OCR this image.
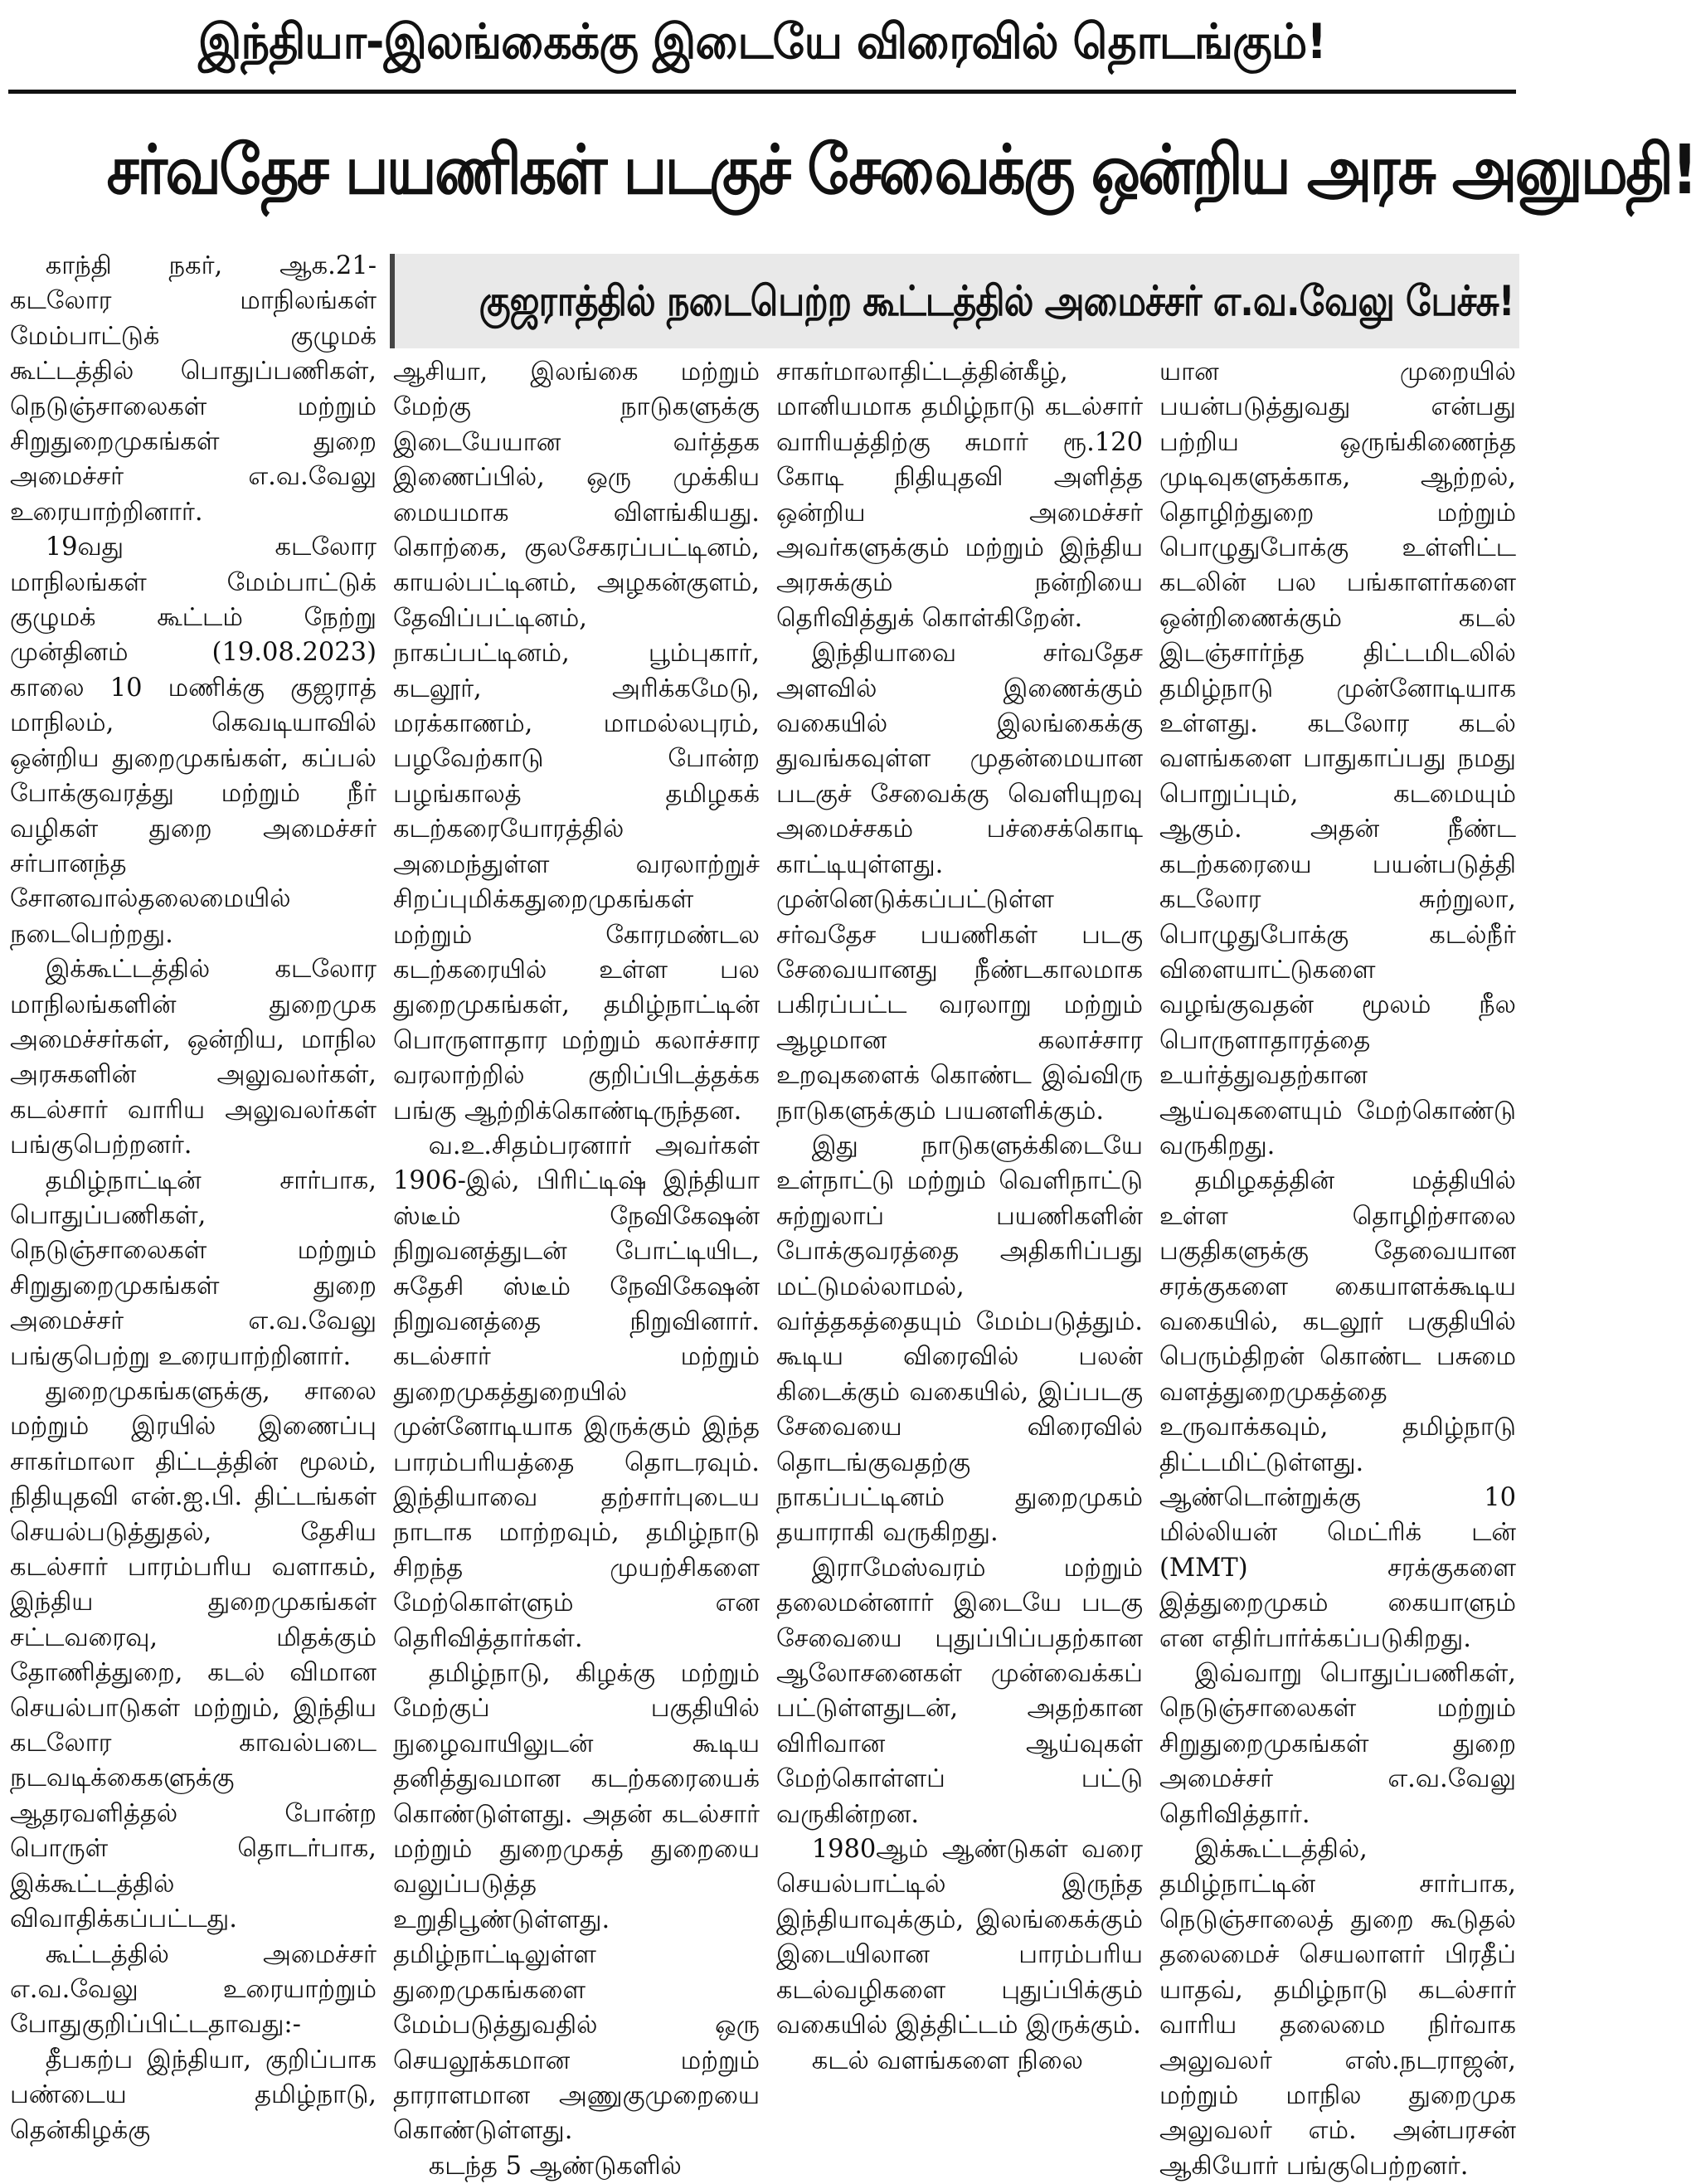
இந்தியா-இலங்கைக்கு இடையே விரைவில் தொடங்கும்!
சர்வதேச பயணிகள் படகுச் சேவைக்கு ஒன்றிய அரசு அனுமதி!
குஜராத்தில் நடைபெற்ற கூட்டத்தில் அமைச்சர் எ.வ.வேலு பேச்சு!

காந்தி நகர், ஆக.21- கடலோர மாநிலங்கள் மேம்பாட்டுக் குழுமக் கூட்டத்தில் பொதுப்பணிகள், நெடுஞ்சாலைகள் மற்றும் சிறுதுறைமுகங்கள் துறை அமைச்சர் எ.வ.வேலு உரையாற்றினார்.

19வது கடலோர மாநிலங்கள் மேம்பாட்டுக் குழுமக் கூட்டம் நேற்று முன்தினம் (19.08.2023) காலை 10 மணிக்கு குஜராத் மாநிலம், கெவடியாவில் ஒன்றிய துறைமுகங்கள், கப்பல் போக்குவரத்து மற்றும் நீர் வழிகள் துறை அமைச்சர் சர்பானந்த சோனவால்தலைமையில் நடைபெற்றது.

இக்கூட்டத்தில் கடலோர மாநிலங்களின் துறைமுக அமைச்சர்கள், ஒன்றிய, மாநில அரசுகளின் அலுவலர்கள், கடல்சார் வாரிய அலுவலர்கள் பங்குபெற்றனர்.

தமிழ்நாட்டின் சார்பாக, பொதுப்பணிகள், நெடுஞ்சாலைகள் மற்றும் சிறுதுறைமுகங்கள் துறை அமைச்சர் எ.வ.வேலு பங்குபெற்று உரையாற்றினார்.

துறைமுகங்களுக்கு, சாலை மற்றும் இரயில் இணைப்பு சாகர்மாலா திட்டத்தின் மூலம், நிதியுதவி என்.ஐ.பி. திட்டங்கள் செயல்படுத்துதல், தேசிய கடல்சார் பாரம்பரிய வளாகம், இந்திய துறைமுகங்கள் சட்டவரைவு, மிதக்கும் தோணித்துறை, கடல் விமான செயல்பாடுகள் மற்றும், இந்திய கடலோர காவல்படை நடவடிக்கைகளுக்கு ஆதரவளித்தல் போன்ற பொருள் தொடர்பாக, இக்கூட்டத்தில் விவாதிக்கப்பட்டது.

கூட்டத்தில் அமைச்சர் எ.வ.வேலு உரையாற்றும் போதுகுறிப்பிட்டதாவது:-

தீபகற்ப இந்தியா, குறிப்பாக பண்டைய தமிழ்நாடு, தென்கிழக்கு

ஆசியா, இலங்கை மற்றும் மேற்கு நாடுகளுக்கு இடையேயான வர்த்தக இணைப்பில், ஒரு முக்கிய மையமாக விளங்கியது. கொற்கை, குலசேகரப்பட்டினம், காயல்பட்டினம், அழகன்குளம், தேவிப்பட்டினம், நாகப்பட்டினம், பூம்புகார், கடலூர், அரிக்கமேடு, மரக்காணம், மாமல்லபுரம், பழவேற்காடு போன்ற பழங்காலத் தமிழகக் கடற்கரையோரத்தில் அமைந்துள்ள வரலாற்றுச் சிறப்புமிக்கதுறைமுகங்கள் மற்றும் கோரமண்டல கடற்கரையில் உள்ள பல துறைமுகங்கள், தமிழ்நாட்டின் பொருளாதார மற்றும் கலாச்சார வரலாற்றில் குறிப்பிடத்தக்க பங்கு ஆற்றிக்கொண்டிருந்தன.

வ.உ.சிதம்பரனார் அவர்கள் 1906-இல், பிரிட்டிஷ் இந்தியா ஸ்டீம் நேவிகேஷன் நிறுவனத்துடன் போட்டியிட, சுதேசி ஸ்டீம் நேவிகேஷன் நிறுவனத்தை நிறுவினார். கடல்சார் மற்றும் துறைமுகத்துறையில் முன்னோடியாக இருக்கும் இந்த பாரம்பரியத்தை தொடரவும். இந்தியாவை தற்சார்புடைய நாடாக மாற்றவும், தமிழ்நாடு சிறந்த முயற்சிகளை மேற்கொள்ளும் என தெரிவித்தார்கள்.

தமிழ்நாடு, கிழக்கு மற்றும் மேற்குப் பகுதியில் நுழைவாயிலுடன் கூடிய தனித்துவமான கடற்கரையைக் கொண்டுள்ளது. அதன் கடல்சார் மற்றும் துறைமுகத் துறையை வலுப்படுத்த உறுதிபூண்டுள்ளது. தமிழ்நாட்டிலுள்ள துறைமுகங்களை மேம்படுத்துவதில் ஒரு செயலூக்கமான மற்றும் தாராளமான அணுகுமுறையை கொண்டுள்ளது.

கடந்த 5 ஆண்டுகளில்

சாகர்மாலாதிட்டத்தின்கீழ், மானியமாக தமிழ்நாடு கடல்சார் வாரியத்திற்கு சுமார் ரூ.120 கோடி நிதியுதவி அளித்த ஒன்றிய அமைச்சர் அவர்களுக்கும் மற்றும் இந்திய அரசுக்கும் நன்றியை தெரிவித்துக் கொள்கிறேன்.

இந்தியாவை சர்வதேச அளவில் இணைக்கும் வகையில் இலங்கைக்கு துவங்கவுள்ள முதன்மையான படகுச் சேவைக்கு வெளியுறவு அமைச்சகம் பச்சைக்கொடி காட்டியுள்ளது. முன்னெடுக்கப்பட்டுள்ள சர்வதேச பயணிகள் படகு சேவையானது நீண்டகாலமாக பகிரப்பட்ட வரலாறு மற்றும் ஆழமான கலாச்சார உறவுகளைக் கொண்ட இவ்விரு நாடுகளுக்கும் பயனளிக்கும்.

இது நாடுகளுக்கிடையே உள்நாட்டு மற்றும் வெளிநாட்டு சுற்றுலாப் பயணிகளின் போக்குவரத்தை அதிகரிப்பது மட்டுமல்லாமல், வர்த்தகத்தையும் மேம்படுத்தும். கூடிய விரைவில் பலன் கிடைக்கும் வகையில், இப்படகு சேவையை விரைவில் தொடங்குவதற்கு நாகப்பட்டினம் துறைமுகம் தயாராகி வருகிறது.

இராமேஸ்வரம் மற்றும் தலைமன்னார் இடையே படகு சேவையை புதுப்பிப்பதற்கான ஆலோசனைகள் முன்வைக்கப் பட்டுள்ளதுடன், அதற்கான விரிவான ஆய்வுகள் மேற்கொள்ளப் பட்டு வருகின்றன.

1980ஆம் ஆண்டுகள் வரை செயல்பாட்டில் இருந்த இந்தியாவுக்கும், இலங்கைக்கும் இடையிலான பாரம்பரிய கடல்வழிகளை புதுப்பிக்கும் வகையில் இத்திட்டம் இருக்கும்.

கடல் வளங்களை நிலை

யான முறையில் பயன்படுத்துவது என்பது பற்றிய ஒருங்கிணைந்த முடிவுகளுக்காக, ஆற்றல், தொழிற்துறை மற்றும் பொழுதுபோக்கு உள்ளிட்ட கடலின் பல பங்காளர்களை ஒன்றிணைக்கும் கடல் இடஞ்சார்ந்த திட்டமிடலில் தமிழ்நாடு முன்னோடியாக உள்ளது. கடலோர கடல் வளங்களை பாதுகாப்பது நமது பொறுப்பும், கடமையும் ஆகும். அதன் நீண்ட கடற்கரையை பயன்படுத்தி கடலோர சுற்றுலா, பொழுதுபோக்கு கடல்நீர் விளையாட்டுகளை வழங்குவதன் மூலம் நீல பொருளாதாரத்தை உயர்த்துவதற்கான ஆய்வுகளையும் மேற்கொண்டு வருகிறது.

தமிழகத்தின் மத்தியில் உள்ள தொழிற்சாலை பகுதிகளுக்கு தேவையான சரக்குகளை கையாளக்கூடிய வகையில், கடலூர் பகுதியில் பெரும்திறன் கொண்ட பசுமை வளத்துறைமுகத்தை உருவாக்கவும், தமிழ்நாடு திட்டமிட்டுள்ளது. ஆண்டொன்றுக்கு 10 மில்லியன் மெட்ரிக் டன் (MMT) சரக்குகளை இத்துறைமுகம் கையாளும் என எதிர்பார்க்கப்படுகிறது.

இவ்வாறு பொதுப்பணிகள், நெடுஞ்சாலைகள் மற்றும் சிறுதுறைமுகங்கள் துறை அமைச்சர் எ.வ.வேலு தெரிவித்தார்.

இக்கூட்டத்தில், தமிழ்நாட்டின் சார்பாக, நெடுஞ்சாலைத் துறை கூடுதல் தலைமைச் செயலாளர் பிரதீப் யாதவ், தமிழ்நாடு கடல்சார் வாரிய தலைமை நிர்வாக அலுவலர் எஸ்.நடராஜன், மற்றும் மாநில துறைமுக அலுவலர் எம். அன்பரசன் ஆகியோர் பங்குபெற்றனர்.
